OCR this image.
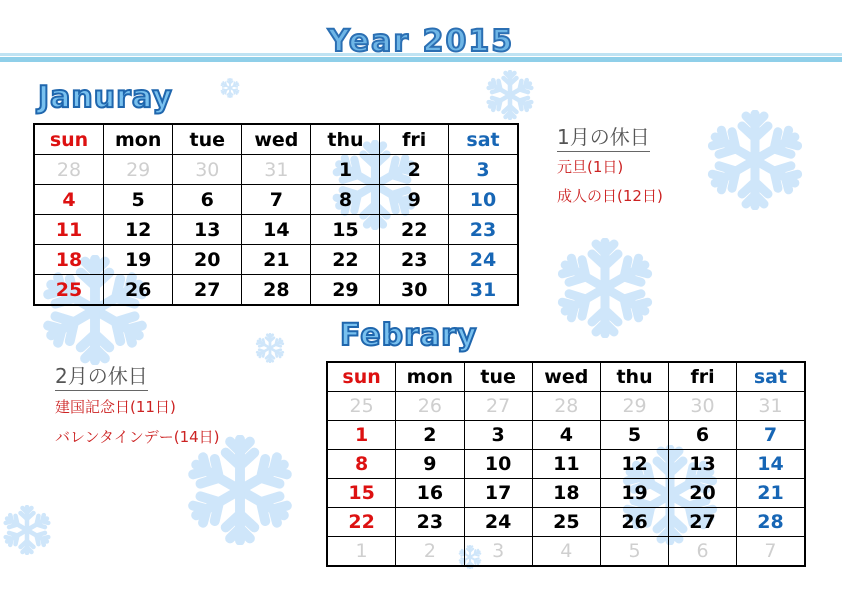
Year 2015
Januray
sun	mon	tue	wed	thu	fri	sat
28	29	30	31	1	2	3
4	5	6	7	8	9	10
11	12	13	14	15	22	23
18	19	20	21	22	23	24
25	26	27	28	29	30	31
1月の休日
元旦(1日)
成人の日(12日)
Febrary
sun	mon	tue	wed	thu	fri	sat
25	26	27	28	29	30	31
1	2	3	4	5	6	7
8	9	10	11	12	13	14
15	16	17	18	19	20	21
22	23	24	25	26	27	28
1	2	3	4	5	6	7
2月の休日
建国記念日(11日)
バレンタインデー(14日)
